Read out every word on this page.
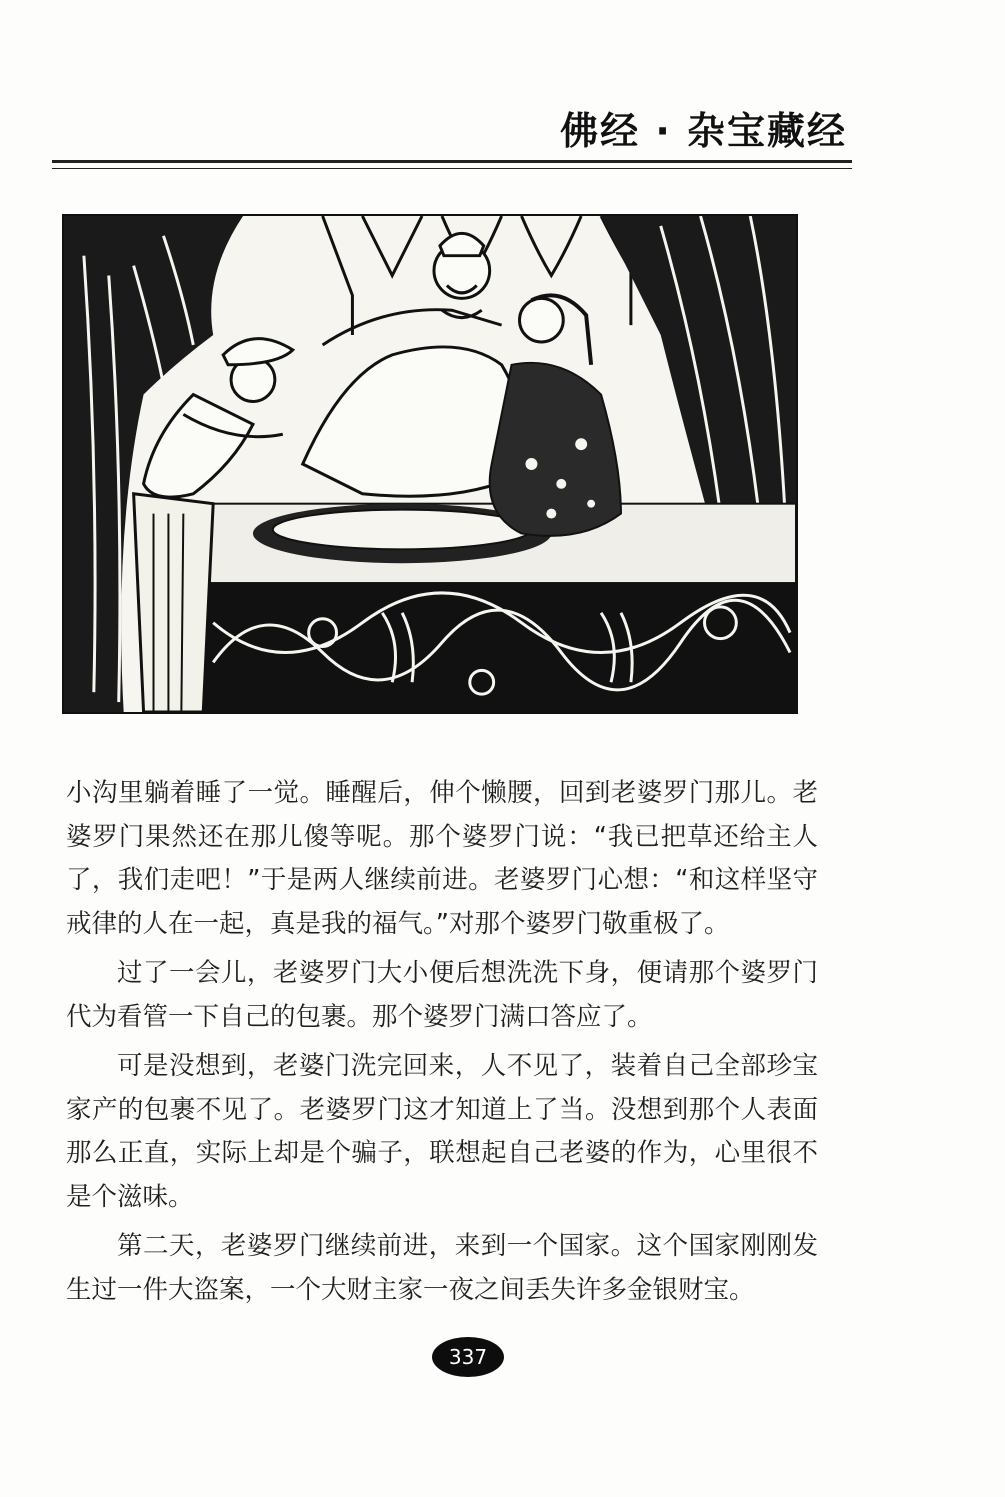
佛经 · 杂宝藏经

小沟里躺着睡了一觉。睡醒后，伸个懒腰，回到老婆罗门那儿。老婆罗门果然还在那儿傻等呢。那个婆罗门说：“我已把草还给主人了，我们走吧！”于是两人继续前进。老婆罗门心想：“和这样坚守戒律的人在一起，真是我的福气。”对那个婆罗门敬重极了。

过了一会儿，老婆罗门大小便后想洗洗下身，便请那个婆罗门代为看管一下自己的包裹。那个婆罗门满口答应了。

可是没想到，老婆门洗完回来，人不见了，装着自己全部珍宝家产的包裹不见了。老婆罗门这才知道上了当。没想到那个人表面那么正直，实际上却是个骗子，联想起自己老婆的作为，心里很不是个滋味。

第二天，老婆罗门继续前进，来到一个国家。这个国家刚刚发生过一件大盗案，一个大财主家一夜之间丢失许多金银财宝。

337
